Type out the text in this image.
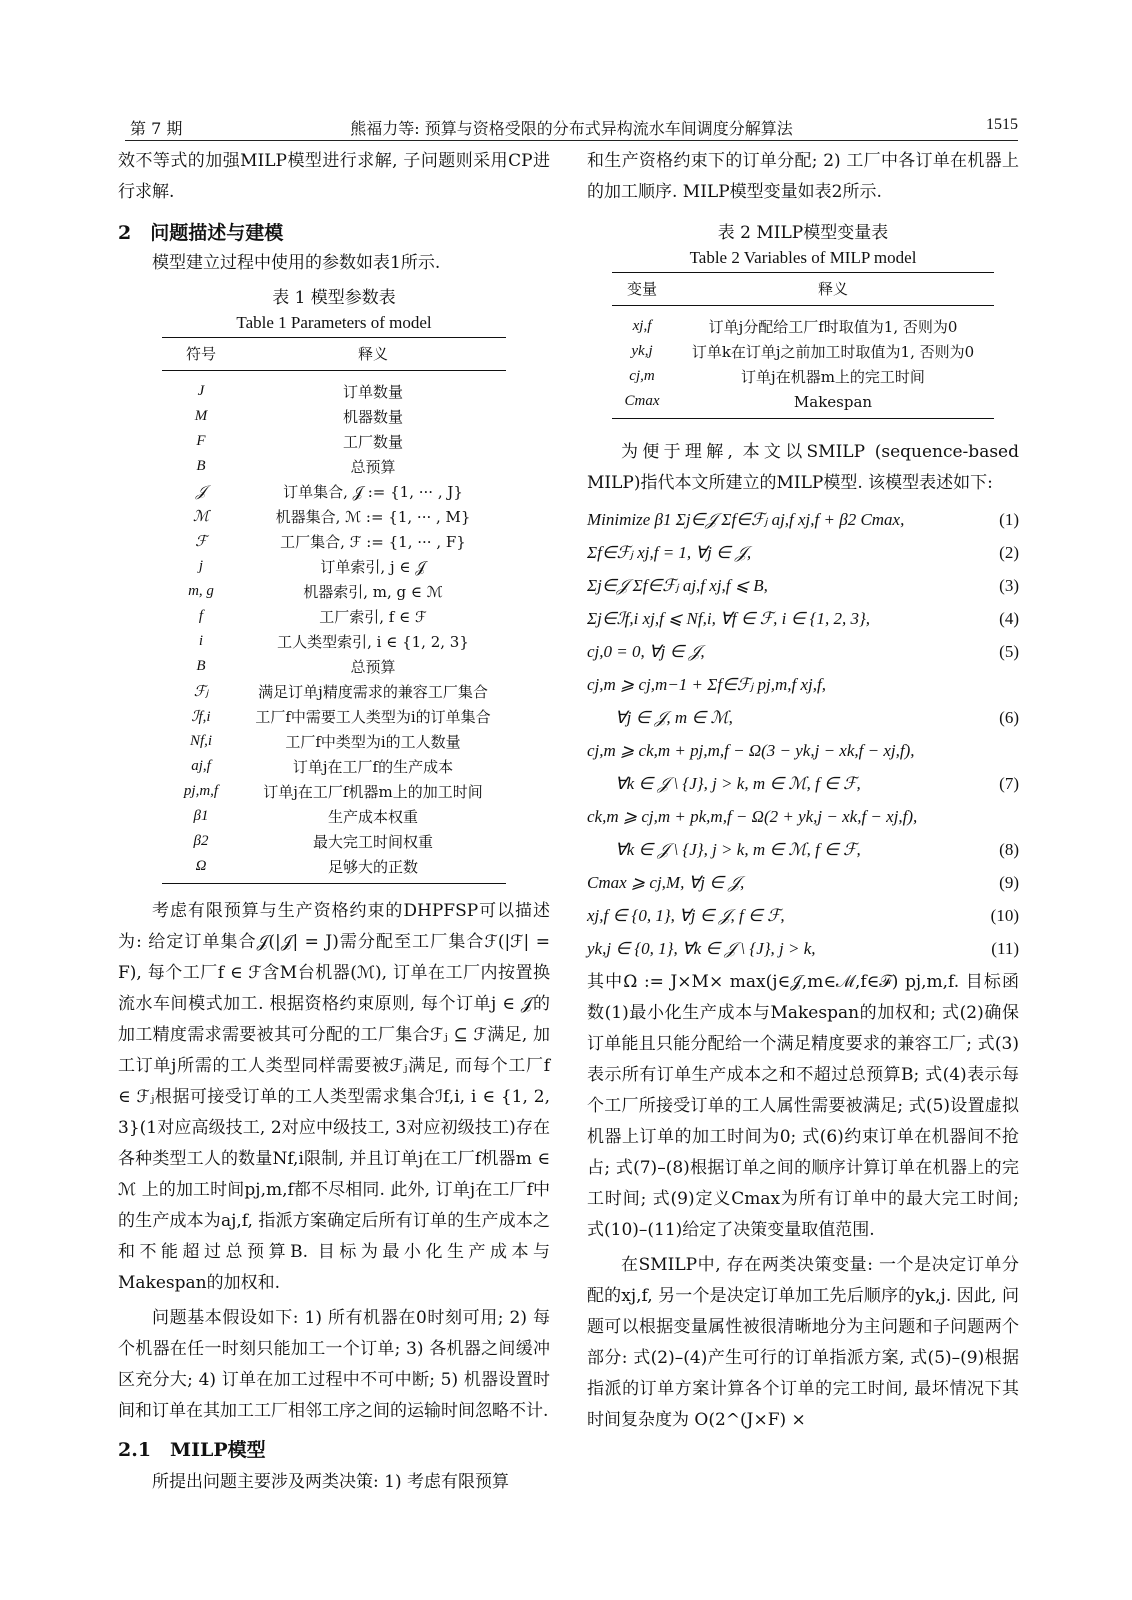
第 7 期	熊福力等: 预算与资格受限的分布式异构流水车间调度分解算法	1515

效不等式的加强MILP模型进行求解, 子问题则采用CP进行求解.

2　问题描述与建模

模型建立过程中使用的参数如表1所示.

表 1 模型参数表
Table 1 Parameters of model
符号	释义
J	订单数量
M	机器数量
F	工厂数量
B	总预算
𝒥	订单集合, 𝒥 := {1, ··· , J}
ℳ	机器集合, ℳ := {1, ··· , M}
ℱ	工厂集合, ℱ := {1, ··· , F}
j	订单索引, j ∈ 𝒥
m, g	机器索引, m, g ∈ ℳ
f	工厂索引, f ∈ ℱ
i	工人类型索引, i ∈ {1, 2, 3}
B	总预算
ℱⱼ	满足订单j精度需求的兼容工厂集合
ℐf,i	工厂f中需要工人类型为i的订单集合
Nf,i	工厂f中类型为i的工人数量
aj,f	订单j在工厂f的生产成本
pj,m,f	订单j在工厂f机器m上的加工时间
β1	生产成本权重
β2	最大完工时间权重
Ω	足够大的正数

考虑有限预算与生产资格约束的DHPFSP可以描述为: 给定订单集合𝒥(|𝒥| = J)需分配至工厂集合ℱ(|ℱ| = F), 每个工厂f ∈ ℱ含M台机器(ℳ), 订单在工厂内按置换流水车间模式加工. 根据资格约束原则, 每个订单j ∈ 𝒥的加工精度需求需要被其可分配的工厂集合ℱⱼ ⊆ ℱ满足, 加工订单j所需的工人类型同样需要被ℱⱼ满足, 而每个工厂f ∈ ℱⱼ根据可接受订单的工人类型需求集合ℐf,i, i ∈ {1, 2, 3}(1对应高级技工, 2对应中级技工, 3对应初级技工)存在各种类型工人的数量Nf,i限制, 并且订单j在工厂f机器m ∈ ℳ 上的加工时间pj,m,f都不尽相同. 此外, 订单j在工厂f中的生产成本为aj,f, 指派方案确定后所有订单的生产成本之和不能超过总预算B. 目标为最小化生产成本与Makespan的加权和.

问题基本假设如下: 1) 所有机器在0时刻可用; 2) 每个机器在任一时刻只能加工一个订单; 3) 各机器之间缓冲区充分大; 4) 订单在加工过程中不可中断; 5) 机器设置时间和订单在其加工工厂相邻工序之间的运输时间忽略不计.

2.1　MILP模型

所提出问题主要涉及两类决策: 1) 考虑有限预算

和生产资格约束下的订单分配; 2) 工厂中各订单在机器上的加工顺序. MILP模型变量如表2所示.

表 2 MILP模型变量表
Table 2 Variables of MILP model
变量	释义
xj,f	订单j分配给工厂f时取值为1, 否则为0
yk,j	订单k在订单j之前加工时取值为1, 否则为0
cj,m	订单j在机器m上的完工时间
Cmax	Makespan

为便于理解, 本文以SMILP (sequence-based MILP)指代本文所建立的MILP模型. 该模型表述如下:

Minimize β1 Σj∈𝒥 Σf∈ℱⱼ aj,f xj,f + β2 Cmax,	(1)
Σf∈ℱⱼ xj,f = 1, ∀j ∈ 𝒥,	(2)
Σj∈𝒥 Σf∈ℱⱼ aj,f xj,f ⩽ B,	(3)
Σj∈ℐf,i xj,f ⩽ Nf,i, ∀f ∈ ℱ, i ∈ {1, 2, 3},	(4)
cj,0 = 0, ∀j ∈ 𝒥,	(5)
cj,m ⩾ cj,m−1 + Σf∈ℱⱼ pj,m,f xj,f,
∀j ∈ 𝒥, m ∈ ℳ,	(6)
cj,m ⩾ ck,m + pj,m,f − Ω(3 − yk,j − xk,f − xj,f),
∀k ∈ 𝒥 \ {J}, j > k, m ∈ ℳ, f ∈ ℱ,	(7)
ck,m ⩾ cj,m + pk,m,f − Ω(2 + yk,j − xk,f − xj,f),
∀k ∈ 𝒥 \ {J}, j > k, m ∈ ℳ, f ∈ ℱ,	(8)
Cmax ⩾ cj,M, ∀j ∈ 𝒥,	(9)
xj,f ∈ {0, 1}, ∀j ∈ 𝒥, f ∈ ℱ,	(10)
yk,j ∈ {0, 1}, ∀k ∈ 𝒥 \ {J}, j > k,	(11)

其中Ω := J×M× max(j∈𝒥,m∈ℳ,f∈ℱ) pj,m,f. 目标函数(1)最小化生产成本与Makespan的加权和; 式(2)确保订单能且只能分配给一个满足精度要求的兼容工厂; 式(3)表示所有订单生产成本之和不超过总预算B; 式(4)表示每个工厂所接受订单的工人属性需要被满足; 式(5)设置虚拟机器上订单的加工时间为0; 式(6)约束订单在机器间不抢占; 式(7)–(8)根据订单之间的顺序计算订单在机器上的完工时间; 式(9)定义Cmax为所有订单中的最大完工时间; 式(10)–(11)给定了决策变量取值范围.

在SMILP中, 存在两类决策变量: 一个是决定订单分配的xj,f, 另一个是决定订单加工先后顺序的yk,j. 因此, 问题可以根据变量属性被很清晰地分为主问题和子问题两个部分: 式(2)–(4)产生可行的订单指派方案, 式(5)–(9)根据指派的订单方案计算各个订单的完工时间, 最坏情况下其时间复杂度为 O(2^(J×F) ×
